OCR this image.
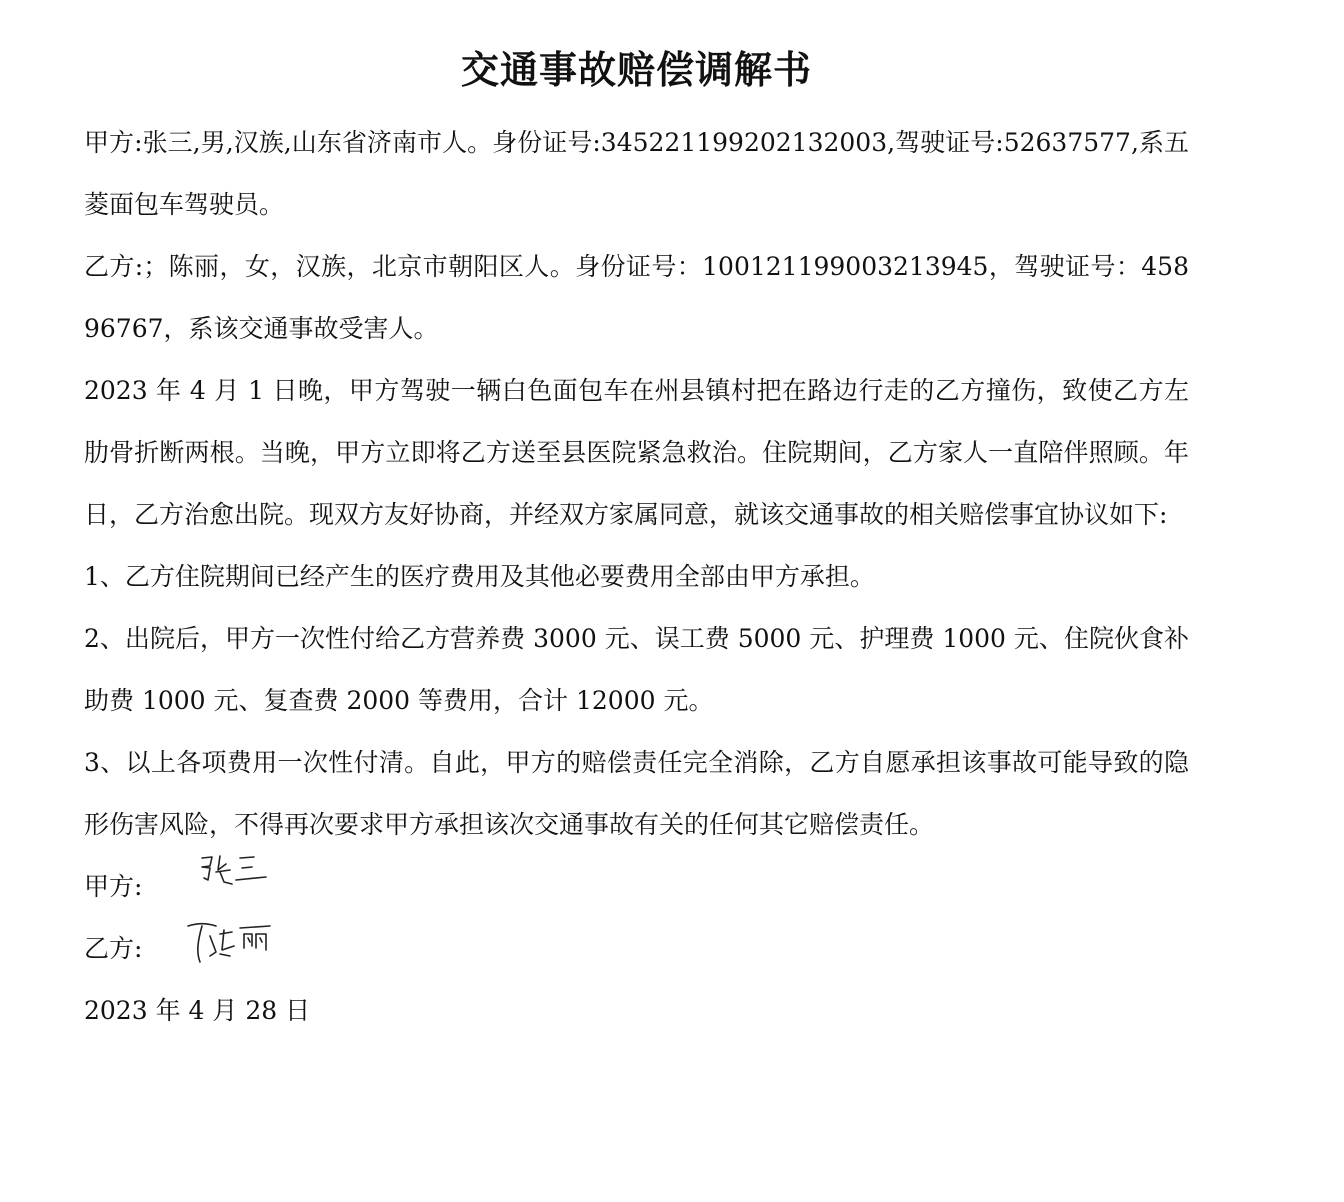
交通事故赔偿调解书

甲方:张三,男,汉族,山东省济南市人。身份证号:345221199202132003,驾驶证号:52637577,系五菱面包车驾驶员。

乙方:；陈丽，女，汉族，北京市朝阳区人。身份证号：100121199003213945，驾驶证号：45896767，系该交通事故受害人。

2023 年 4 月 1 日晚，甲方驾驶一辆白色面包车在州县镇村把在路边行走的乙方撞伤，致使乙方左肋骨折断两根。当晚，甲方立即将乙方送至县医院紧急救治。住院期间，乙方家人一直陪伴照顾。年日，乙方治愈出院。现双方友好协商，并经双方家属同意，就该交通事故的相关赔偿事宜协议如下:

1、乙方住院期间已经产生的医疗费用及其他必要费用全部由甲方承担。

2、出院后，甲方一次性付给乙方营养费 3000 元、误工费 5000 元、护理费 1000 元、住院伙食补助费 1000 元、复查费 2000 等费用，合计 12000 元。

3、以上各项费用一次性付清。自此，甲方的赔偿责任完全消除，乙方自愿承担该事故可能导致的隐形伤害风险，不得再次要求甲方承担该次交通事故有关的任何其它赔偿责任。

甲方:
乙方:
2023 年 4 月 28 日
